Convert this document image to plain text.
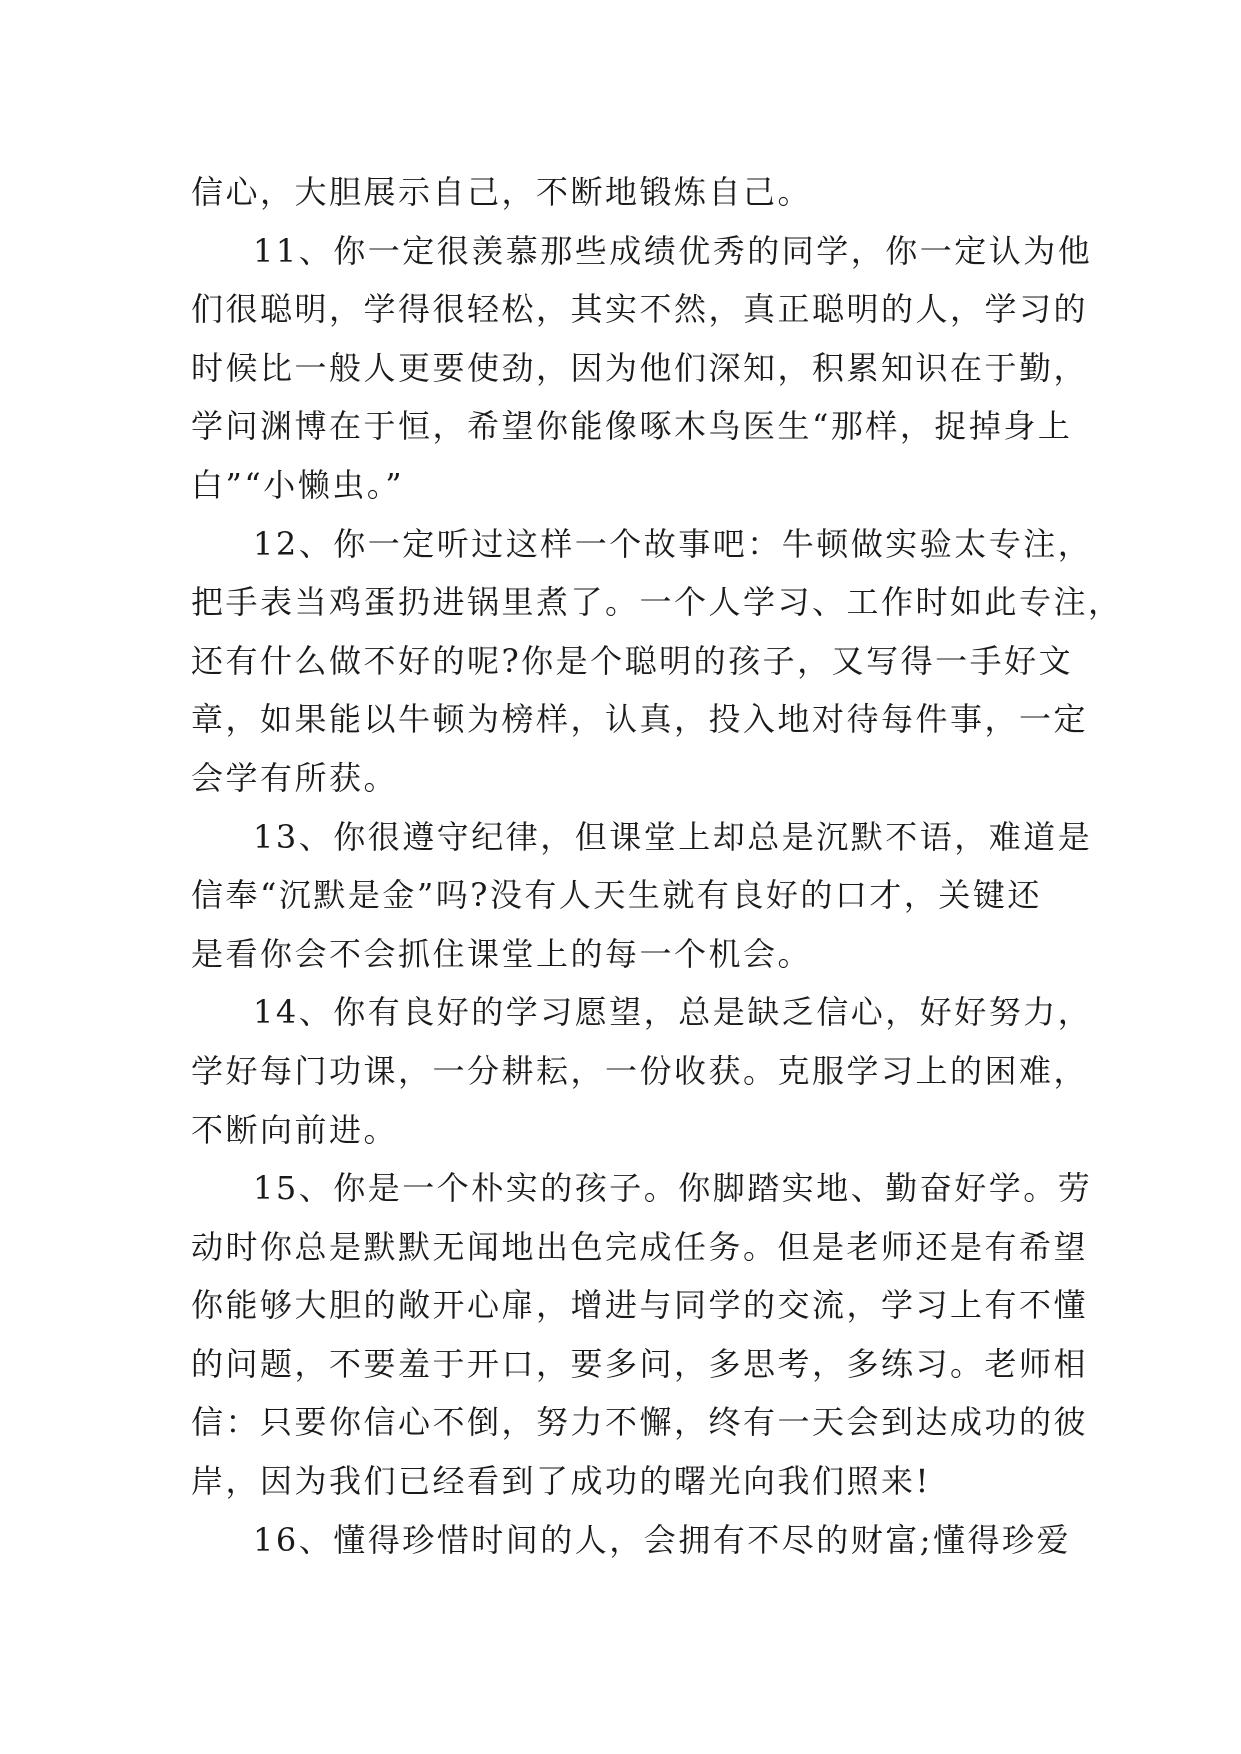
信心，大胆展示自己，不断地锻炼自己。
11、你一定很羡慕那些成绩优秀的同学，你一定认为他
们很聪明，学得很轻松，其实不然，真正聪明的人，学习的
时候比一般人更要使劲，因为他们深知，积累知识在于勤，
学问渊博在于恒，希望你能像啄木鸟医生“那样，捉掉身上
白”“小懒虫。”
12、你一定听过这样一个故事吧：牛顿做实验太专注，
把手表当鸡蛋扔进锅里煮了。一个人学习、工作时如此专注，
还有什么做不好的呢?你是个聪明的孩子，又写得一手好文
章，如果能以牛顿为榜样，认真，投入地对待每件事，一定
会学有所获。
13、你很遵守纪律，但课堂上却总是沉默不语，难道是
信奉“沉默是金”吗?没有人天生就有良好的口才，关键还
是看你会不会抓住课堂上的每一个机会。
14、你有良好的学习愿望，总是缺乏信心，好好努力，
学好每门功课，一分耕耘，一份收获。克服学习上的困难，
不断向前进。
15、你是一个朴实的孩子。你脚踏实地、勤奋好学。劳
动时你总是默默无闻地出色完成任务。但是老师还是有希望
你能够大胆的敞开心扉，增进与同学的交流，学习上有不懂
的问题，不要羞于开口，要多问，多思考，多练习。老师相
信：只要你信心不倒，努力不懈，终有一天会到达成功的彼
岸，因为我们已经看到了成功的曙光向我们照来!
16、懂得珍惜时间的人，会拥有不尽的财富;懂得珍爱
